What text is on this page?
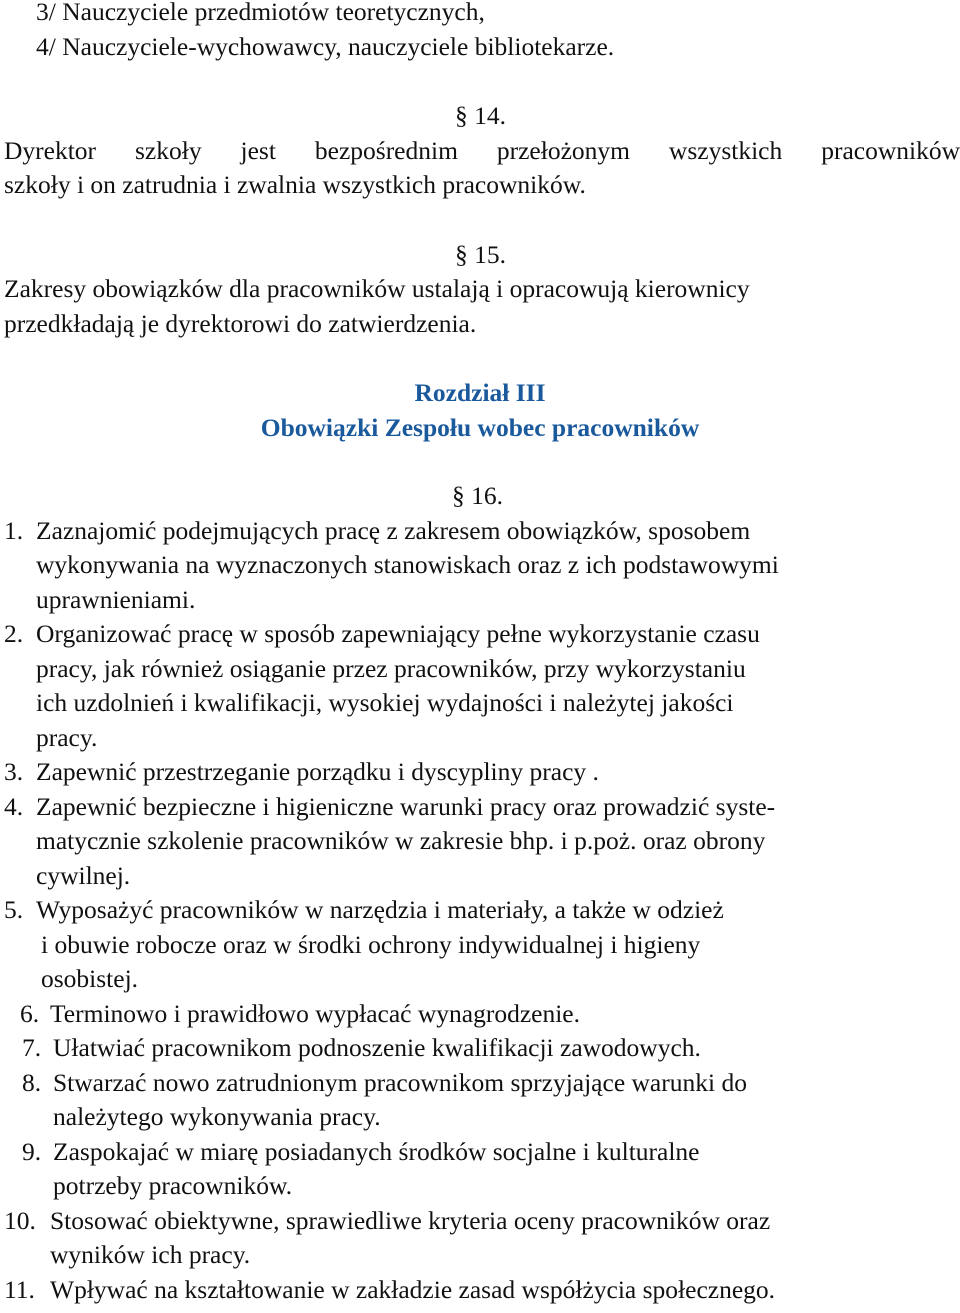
3/ Nauczyciele przedmiotów teoretycznych,
4/ Nauczyciele-wychowawcy, nauczyciele bibliotekarze.
§ 14.
Dyrektor szkoły jest bezpośrednim przełożonym wszystkich pracowników
szkoły i on zatrudnia i zwalnia wszystkich pracowników.
§ 15.
Zakresy obowiązków dla pracowników ustalają i opracowują kierownicy
przedkładają je dyrektorowi do zatwierdzenia.
Rozdział III
Obowiązki Zespołu wobec pracowników
§ 16.
1. Zaznajomić podejmujących pracę z zakresem obowiązków, sposobem
wykonywania na wyznaczonych stanowiskach oraz z ich podstawowymi
uprawnieniami.
2. Organizować pracę w sposób zapewniający pełne wykorzystanie czasu
pracy, jak również osiąganie przez pracowników, przy wykorzystaniu
ich uzdolnień i kwalifikacji, wysokiej wydajności i należytej jakości
pracy.
3. Zapewnić przestrzeganie porządku i dyscypliny pracy .
4. Zapewnić bezpieczne i higieniczne warunki pracy oraz prowadzić syste-
matycznie szkolenie pracowników w zakresie bhp. i p.poż. oraz obrony
cywilnej.
5. Wyposażyć pracowników w narzędzia i materiały, a także w odzież
i obuwie robocze oraz w środki ochrony indywidualnej i higieny
osobistej.
6. Terminowo i prawidłowo wypłacać wynagrodzenie.
7. Ułatwiać pracownikom podnoszenie kwalifikacji zawodowych.
8. Stwarzać nowo zatrudnionym pracownikom sprzyjające warunki do
należytego wykonywania pracy.
9. Zaspokajać w miarę posiadanych środków socjalne i kulturalne
potrzeby pracowników.
10. Stosować obiektywne, sprawiedliwe kryteria oceny pracowników oraz
wyników ich pracy.
11. Wpływać na kształtowanie w zakładzie zasad współżycia społecznego.
